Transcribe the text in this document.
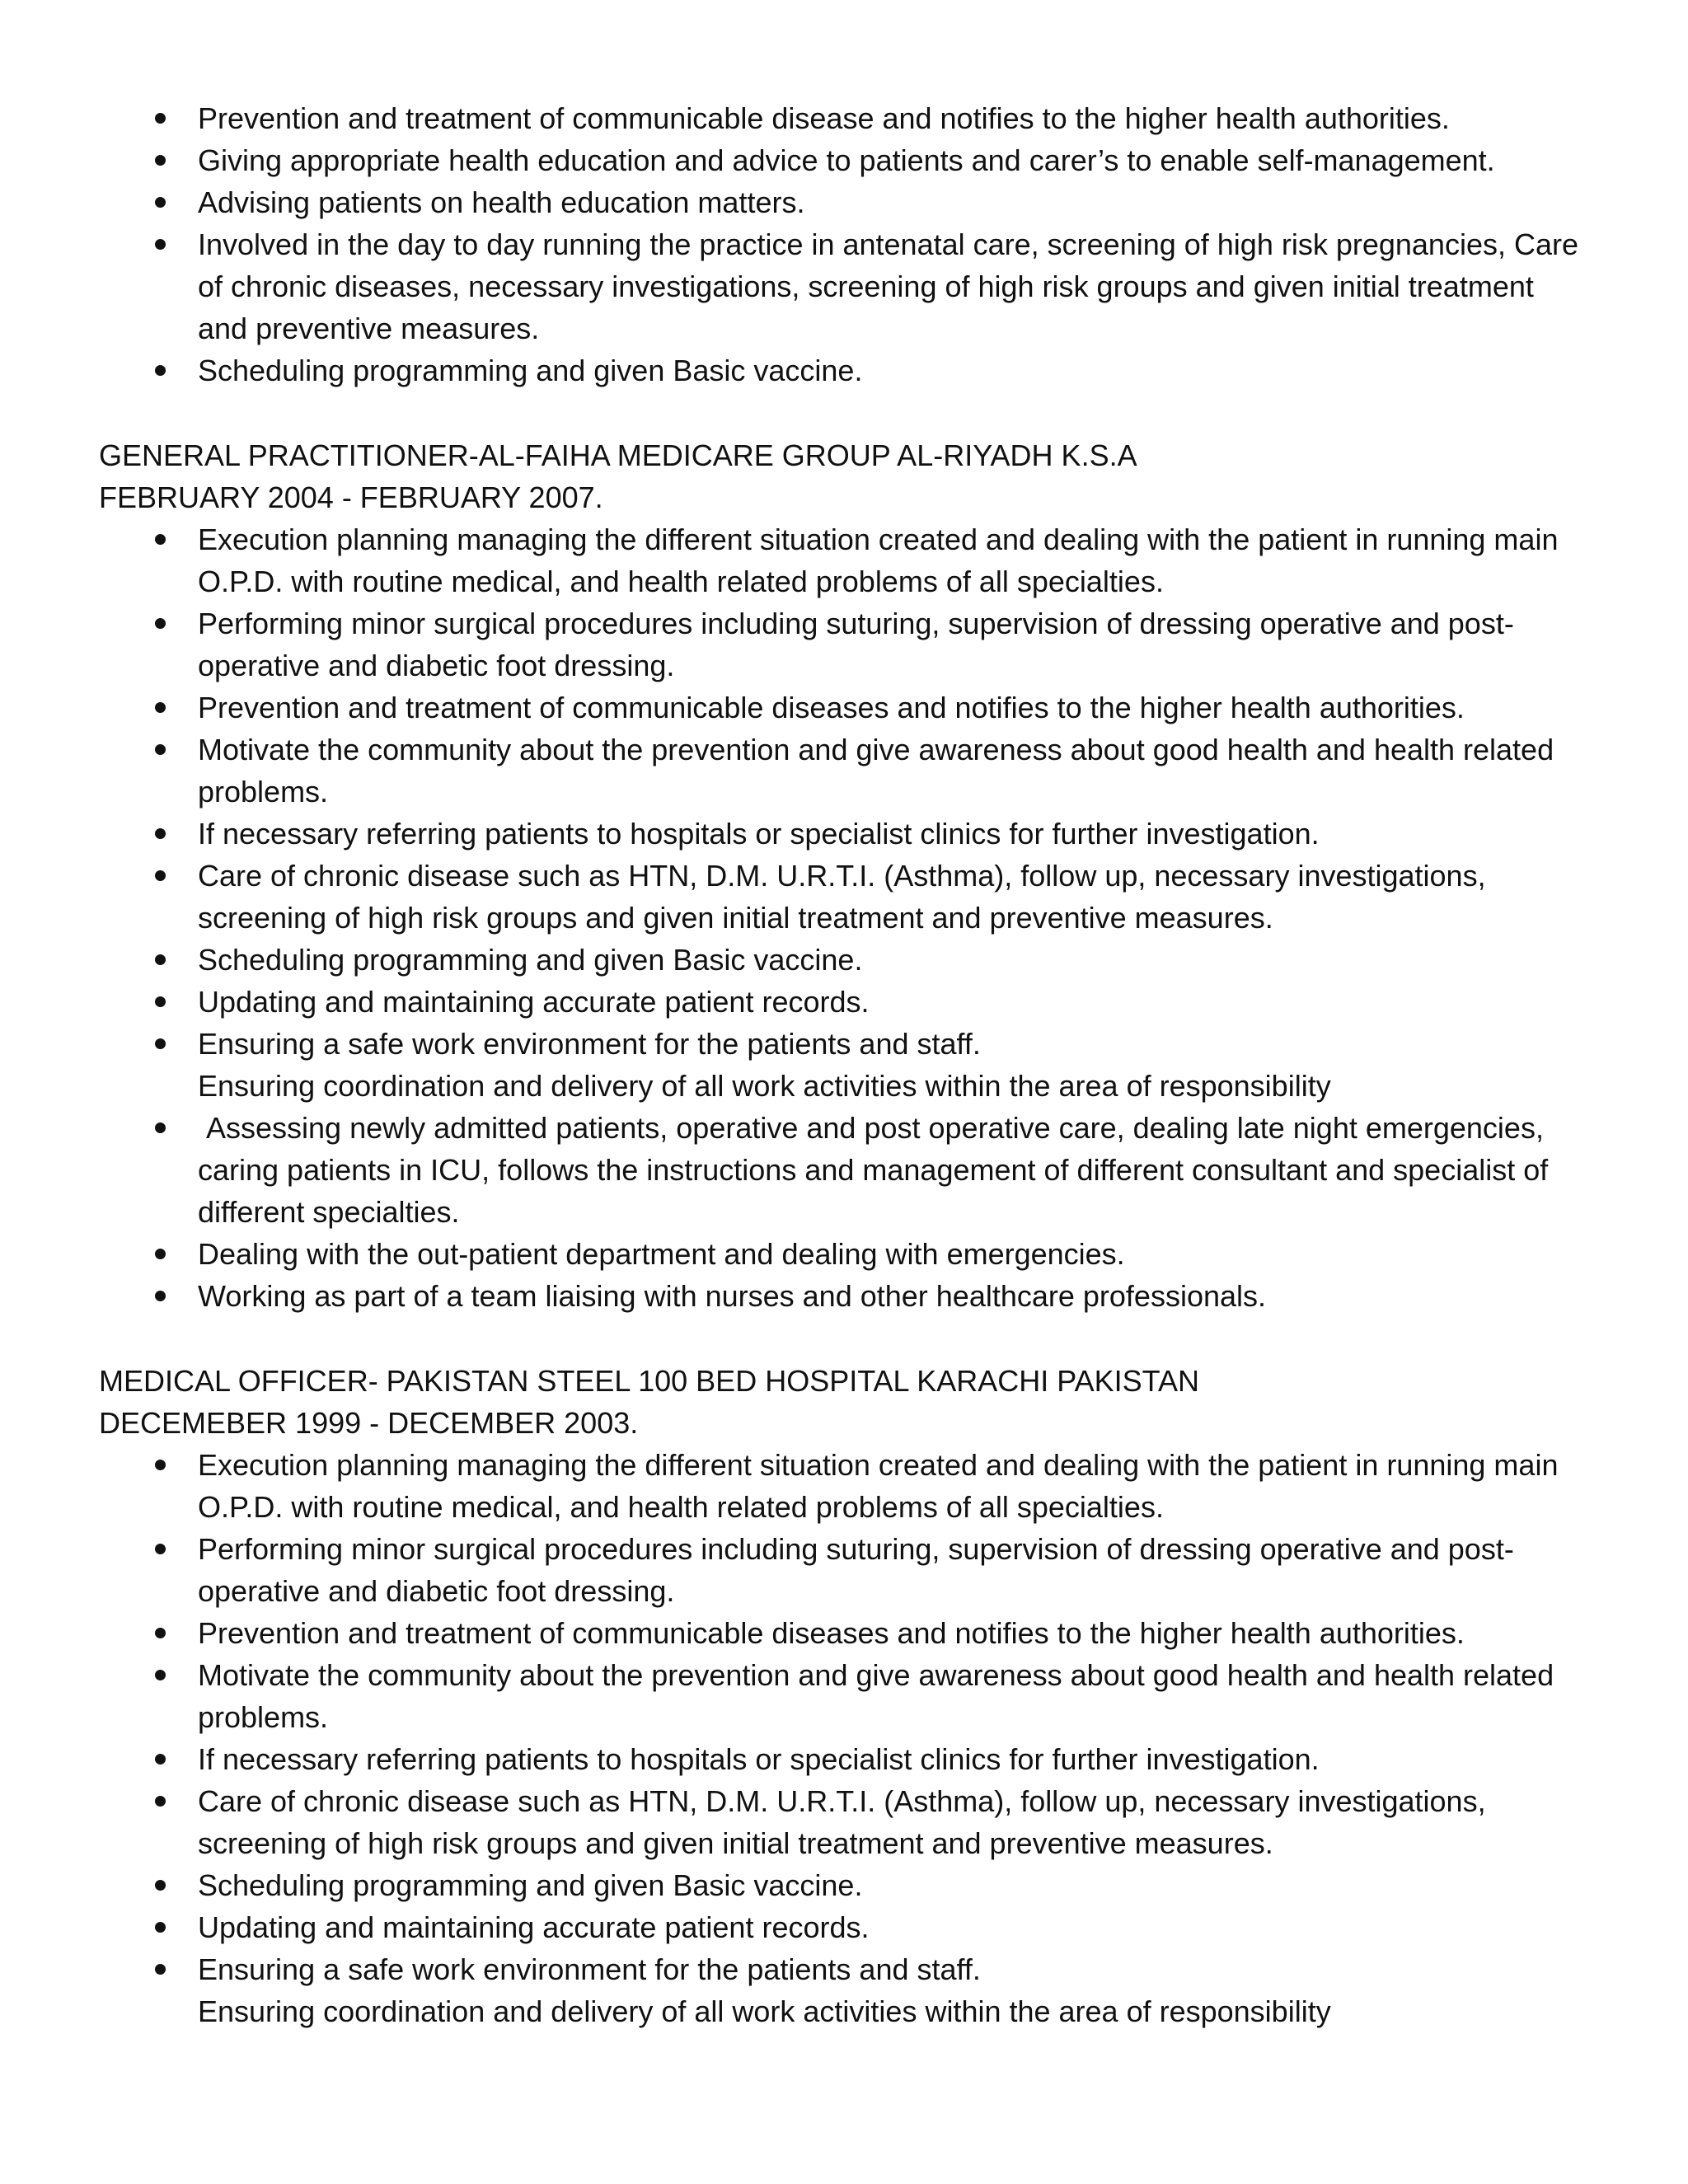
Prevention and treatment of communicable disease and notifies to the higher health authorities.
Giving appropriate health education and advice to patients and carer’s to enable self-management.
Advising patients on health education matters.
Involved in the day to day running the practice in antenatal care, screening of high risk pregnancies, Care of chronic diseases, necessary investigations, screening of high risk groups and given initial treatment and preventive measures.
Scheduling programming and given Basic vaccine.
GENERAL PRACTITIONER-AL-FAIHA MEDICARE GROUP AL-RIYADH K.S.A
FEBRUARY 2004 - FEBRUARY 2007.
Execution planning managing the different situation created and dealing with the patient in running main O.P.D. with routine medical, and health related problems of all specialties.
Performing minor surgical procedures including suturing, supervision of dressing operative and post-operative and diabetic foot dressing.
Prevention and treatment of communicable diseases and notifies to the higher health authorities.
Motivate the community about the prevention and give awareness about good health and health related problems.
If necessary referring patients to hospitals or specialist clinics for further investigation.
Care of chronic disease such as HTN, D.M. U.R.T.I. (Asthma), follow up, necessary investigations, screening of high risk groups and given initial treatment and preventive measures.
Scheduling programming and given Basic vaccine.
Updating and maintaining accurate patient records.
Ensuring a safe work environment for the patients and staff.
Ensuring coordination and delivery of all work activities within the area of responsibility
Assessing newly admitted patients, operative and post operative care, dealing late night emergencies, caring patients in ICU, follows the instructions and management of different consultant and specialist of different specialties.
Dealing with the out-patient department and dealing with emergencies.
Working as part of a team liaising with nurses and other healthcare professionals.
MEDICAL OFFICER- PAKISTAN STEEL 100 BED HOSPITAL KARACHI PAKISTAN
DECEMEBER 1999 - DECEMBER 2003.
Execution planning managing the different situation created and dealing with the patient in running main O.P.D. with routine medical, and health related problems of all specialties.
Performing minor surgical procedures including suturing, supervision of dressing operative and post-operative and diabetic foot dressing.
Prevention and treatment of communicable diseases and notifies to the higher health authorities.
Motivate the community about the prevention and give awareness about good health and health related problems.
If necessary referring patients to hospitals or specialist clinics for further investigation.
Care of chronic disease such as HTN, D.M. U.R.T.I. (Asthma), follow up, necessary investigations, screening of high risk groups and given initial treatment and preventive measures.
Scheduling programming and given Basic vaccine.
Updating and maintaining accurate patient records.
Ensuring a safe work environment for the patients and staff.
Ensuring coordination and delivery of all work activities within the area of responsibility
